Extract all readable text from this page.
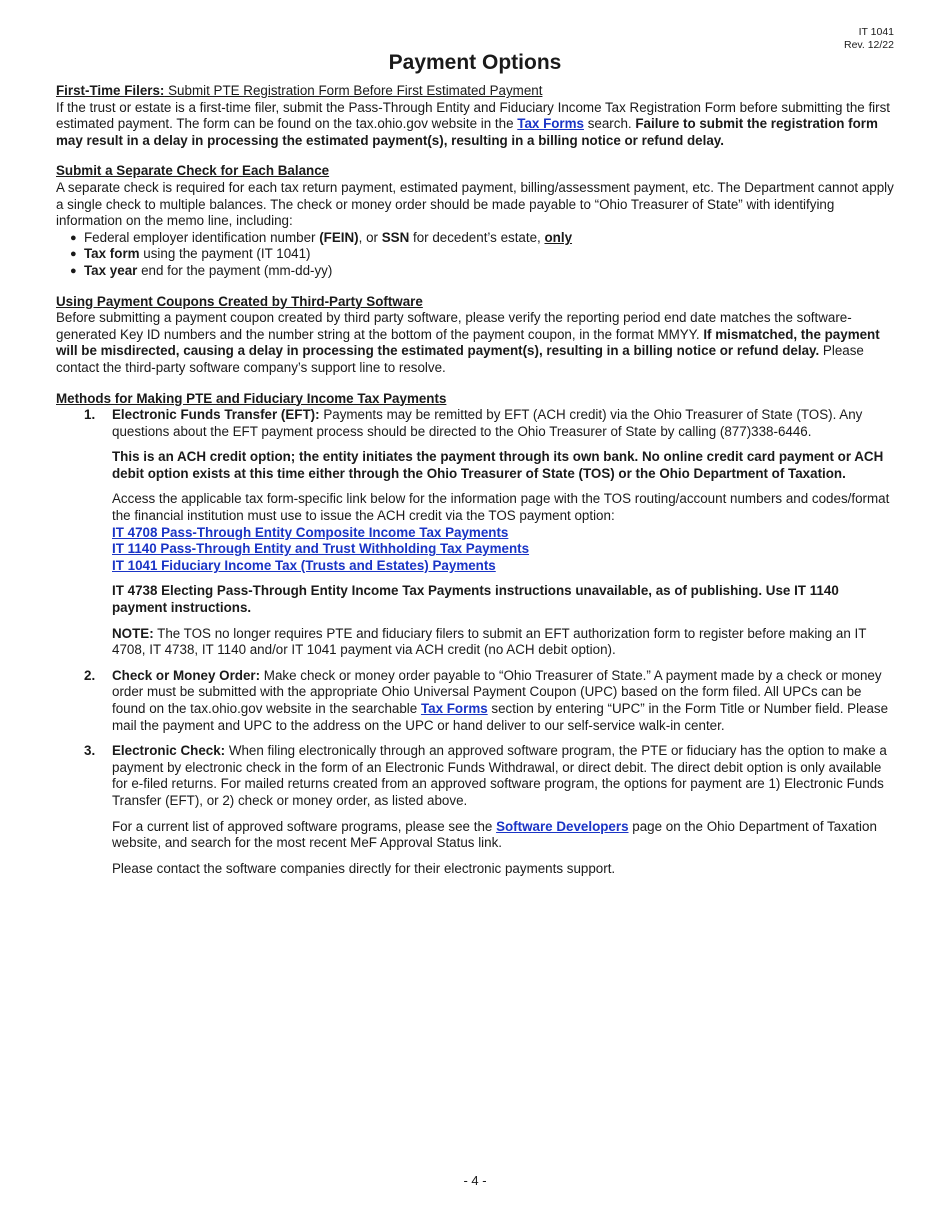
IT 1041
Rev. 12/22
Payment Options

First-Time Filers: Submit PTE Registration Form Before First Estimated Payment

If the trust or estate is a first-time filer, submit the Pass-Through Entity and Fiduciary Income Tax Registration Form before submitting the first estimated payment. The form can be found on the tax.ohio.gov website in the Tax Forms search. Failure to submit the registration form may result in a delay in processing the estimated payment(s), resulting in a billing notice or refund delay.

Submit a Separate Check for Each Balance

A separate check is required for each tax return payment, estimated payment, billing/assessment payment, etc. The Department cannot apply a single check to multiple balances. The check or money order should be made payable to “Ohio Treasurer of State” with identifying information on the memo line, including:

● Federal employer identification number (FEIN), or SSN for decedent’s estate, only
● Tax form using the payment (IT 1041)
● Tax year end for the payment (mm-dd-yy)

Using Payment Coupons Created by Third-Party Software

Before submitting a payment coupon created by third party software, please verify the reporting period end date matches the software-generated Key ID numbers and the number string at the bottom of the payment coupon, in the format MMYY. If mismatched, the payment will be misdirected, causing a delay in processing the estimated payment(s), resulting in a billing notice or refund delay. Please contact the third-party software company’s support line to resolve.

Methods for Making PTE and Fiduciary Income Tax Payments

1. Electronic Funds Transfer (EFT): Payments may be remitted by EFT (ACH credit) via the Ohio Treasurer of State (TOS). Any questions about the EFT payment process should be directed to the Ohio Treasurer of State by calling (877)338-6446.

This is an ACH credit option; the entity initiates the payment through its own bank. No online credit card payment or ACH debit option exists at this time either through the Ohio Treasurer of State (TOS) or the Ohio Department of Taxation.

Access the applicable tax form-specific link below for the information page with the TOS routing/account numbers and codes/format the financial institution must use to issue the ACH credit via the TOS payment option:

IT 4708 Pass-Through Entity Composite Income Tax Payments
IT 1140 Pass-Through Entity and Trust Withholding Tax Payments
IT 1041 Fiduciary Income Tax (Trusts and Estates) Payments

IT 4738 Electing Pass-Through Entity Income Tax Payments instructions unavailable, as of publishing. Use IT 1140 payment instructions.

NOTE: The TOS no longer requires PTE and fiduciary filers to submit an EFT authorization form to register before making an IT 4708, IT 4738, IT 1140 and/or IT 1041 payment via ACH credit (no ACH debit option).

2. Check or Money Order: Make check or money order payable to “Ohio Treasurer of State.” A payment made by a check or money order must be submitted with the appropriate Ohio Universal Payment Coupon (UPC) based on the form filed. All UPCs can be found on the tax.ohio.gov website in the searchable Tax Forms section by entering “UPC” in the Form Title or Number field. Please mail the payment and UPC to the address on the UPC or hand deliver to our self-service walk-in center.

3. Electronic Check: When filing electronically through an approved software program, the PTE or fiduciary has the option to make a payment by electronic check in the form of an Electronic Funds Withdrawal, or direct debit. The direct debit option is only available for e-filed returns. For mailed returns created from an approved software program, the options for payment are 1) Electronic Funds Transfer (EFT), or 2) check or money order, as listed above.

For a current list of approved software programs, please see the Software Developers page on the Ohio Department of Taxation website, and search for the most recent MeF Approval Status link.

Please contact the software companies directly for their electronic payments support.

- 4 -
